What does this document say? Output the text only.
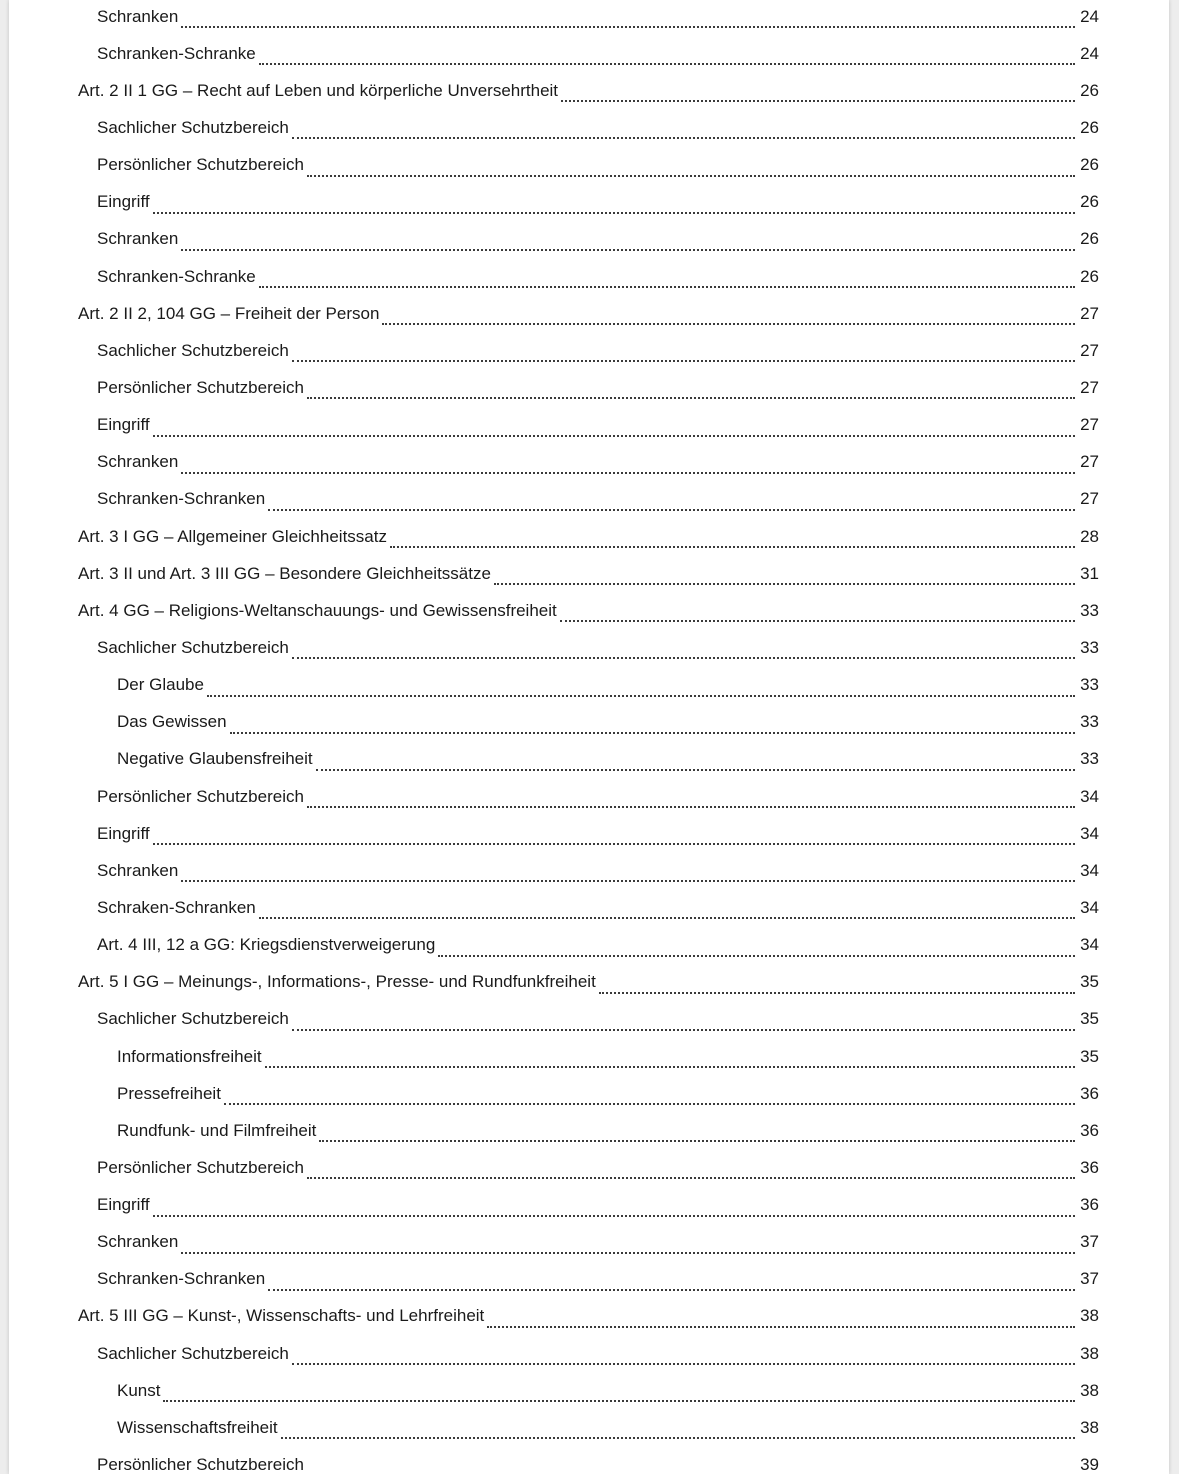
Schranken	24
Schranken-Schranke	24
Art. 2 II 1 GG – Recht auf Leben und körperliche Unversehrtheit	26
Sachlicher Schutzbereich	26
Persönlicher Schutzbereich	26
Eingriff	26
Schranken	26
Schranken-Schranke	26
Art. 2 II 2, 104 GG – Freiheit der Person	27
Sachlicher Schutzbereich	27
Persönlicher Schutzbereich	27
Eingriff	27
Schranken	27
Schranken-Schranken	27
Art. 3 I GG – Allgemeiner Gleichheitssatz	28
Art. 3 II und Art. 3 III GG – Besondere Gleichheitssätze	31
Art. 4 GG – Religions-Weltanschauungs- und Gewissensfreiheit	33
Sachlicher Schutzbereich	33
Der Glaube	33
Das Gewissen	33
Negative Glaubensfreiheit	33
Persönlicher Schutzbereich	34
Eingriff	34
Schranken	34
Schraken-Schranken	34
Art. 4 III, 12 a GG: Kriegsdienstverweigerung	34
Art. 5 I GG – Meinungs-, Informations-, Presse- und Rundfunkfreiheit	35
Sachlicher Schutzbereich	35
Informationsfreiheit	35
Pressefreiheit	36
Rundfunk- und Filmfreiheit	36
Persönlicher Schutzbereich	36
Eingriff	36
Schranken	37
Schranken-Schranken	37
Art. 5 III GG – Kunst-, Wissenschafts- und Lehrfreiheit	38
Sachlicher Schutzbereich	38
Kunst	38
Wissenschaftsfreiheit	38
Persönlicher Schutzbereich	39
